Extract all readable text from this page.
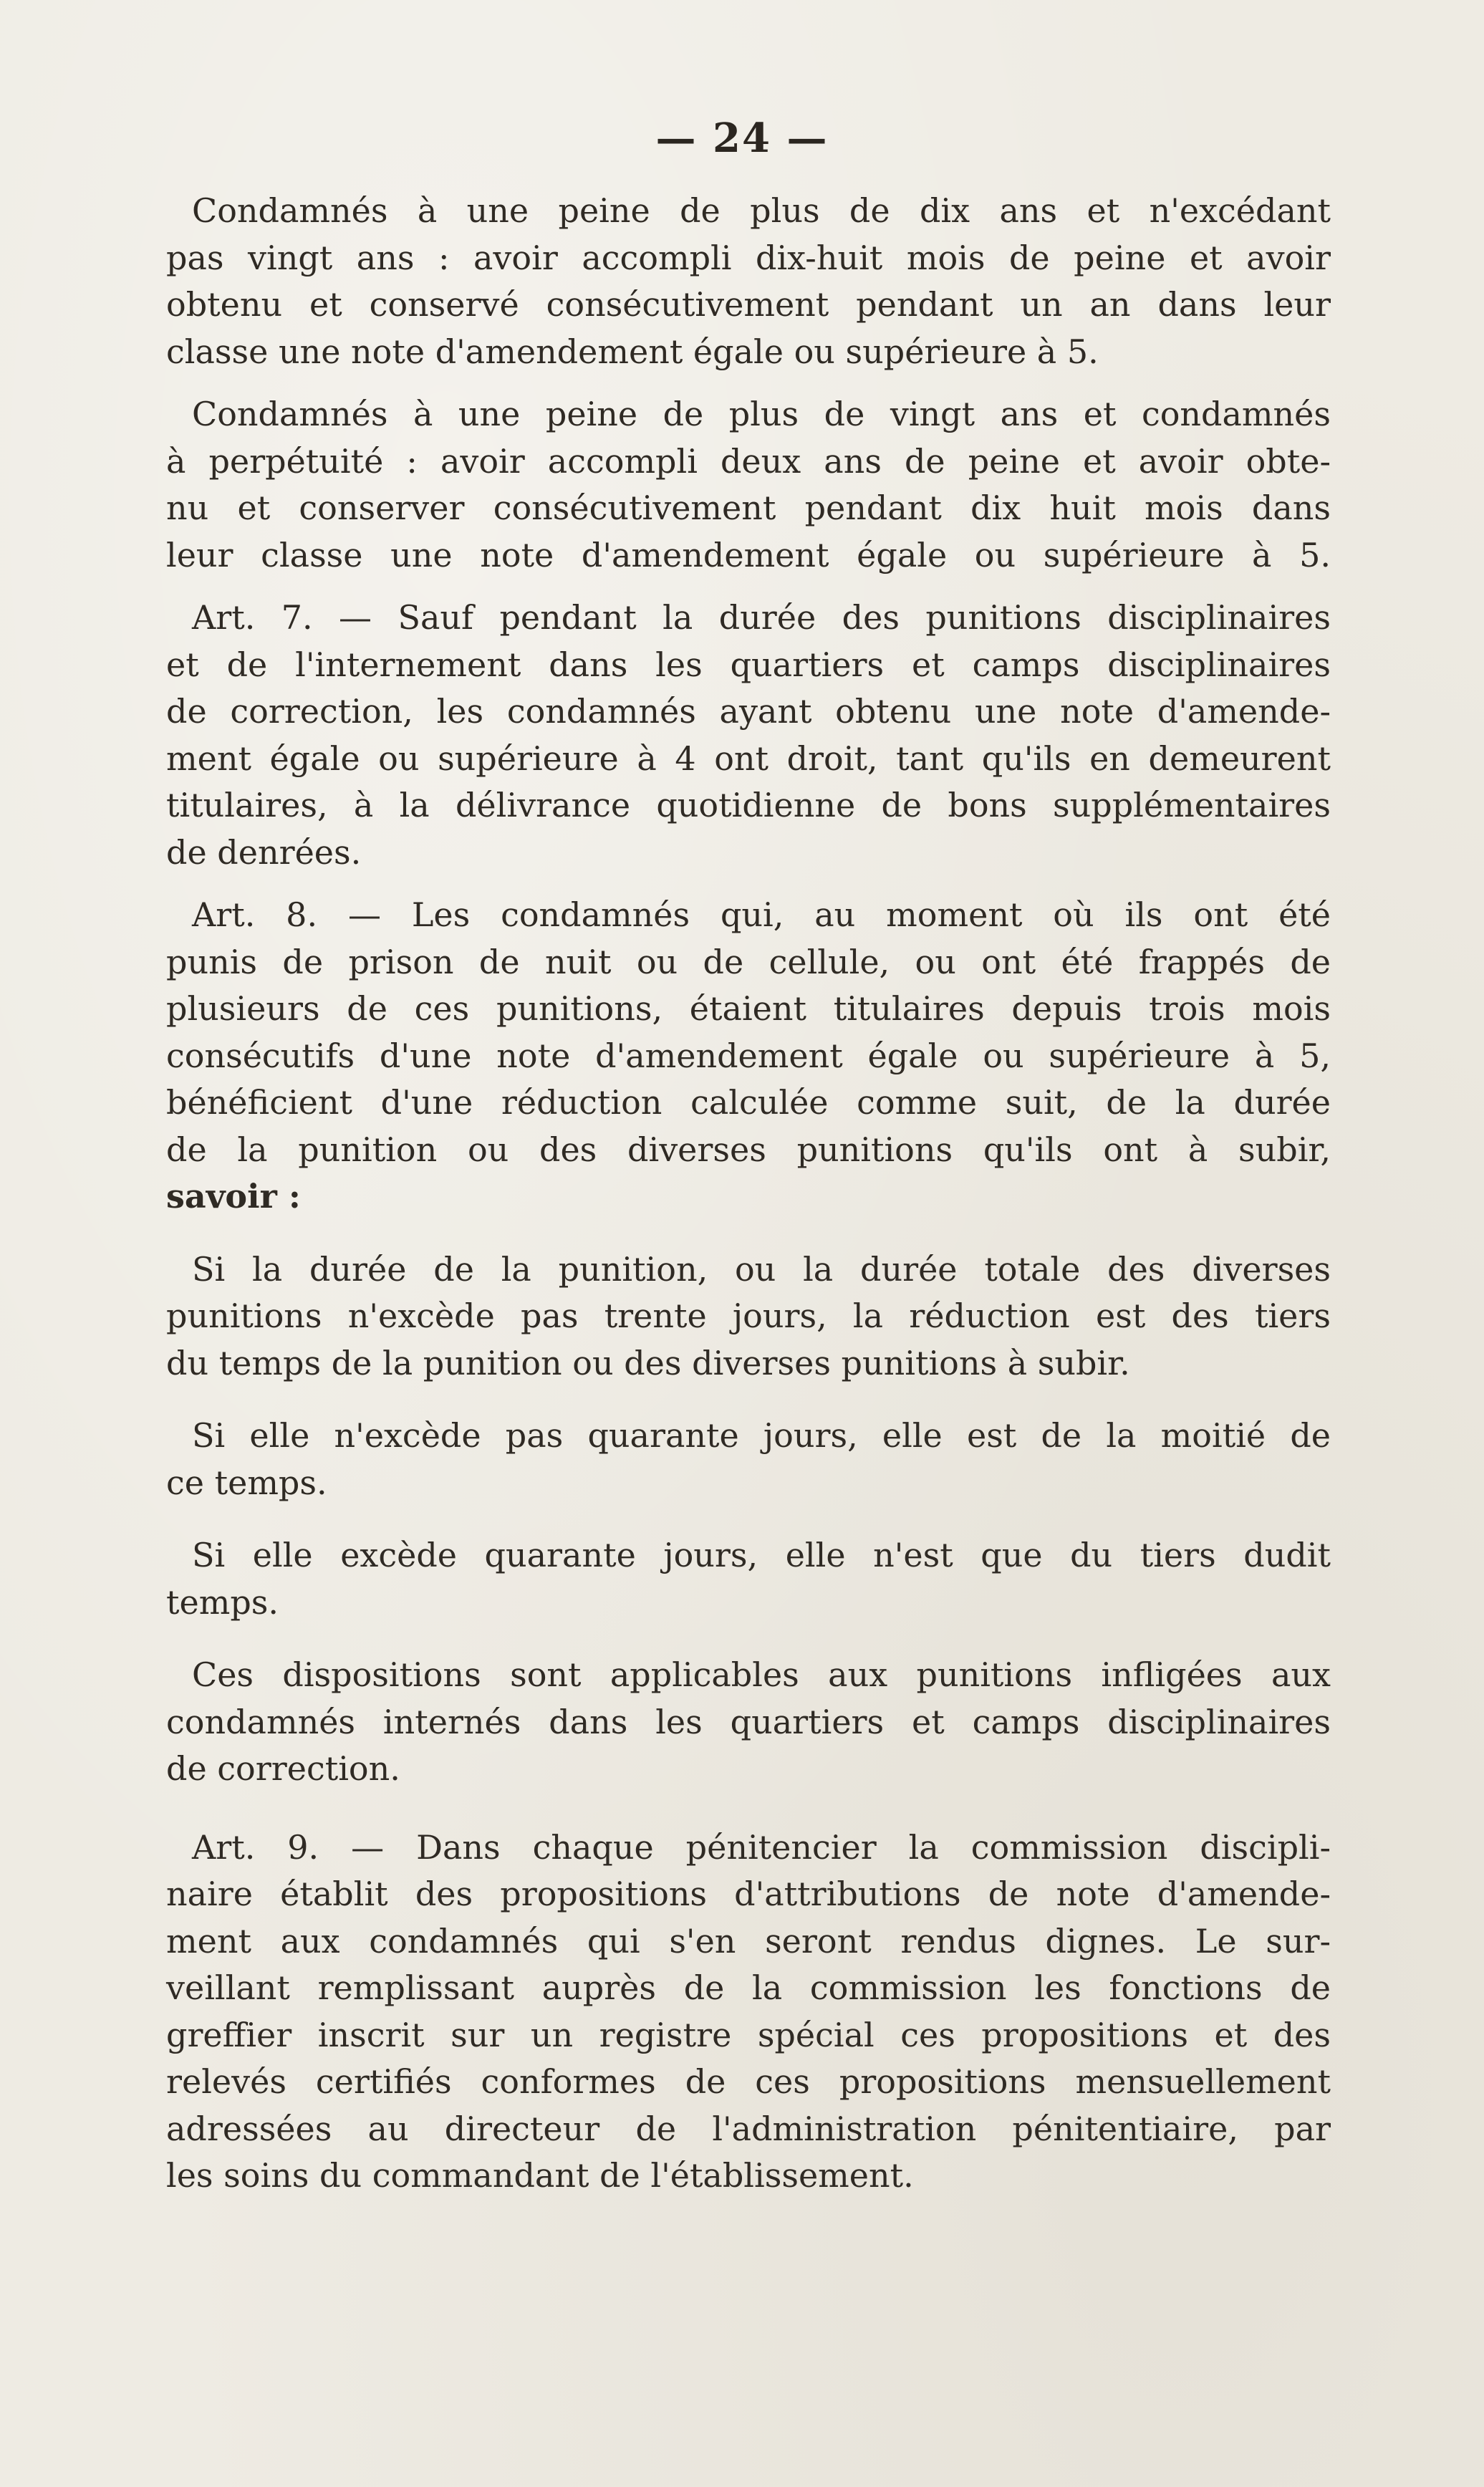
— 24 —

Condamnés à une peine de plus de dix ans et n'excédant
pas vingt ans : avoir accompli dix-huit mois de peine et avoir
obtenu et conservé consécutivement pendant un an dans leur
classe une note d'amendement égale ou supérieure à 5.

Condamnés à une peine de plus de vingt ans et condamnés
à perpétuité : avoir accompli deux ans de peine et avoir obte-
nu et conserver consécutivement pendant dix huit mois dans
leur classe une note d'amendement égale ou supérieure à 5.

Art. 7. — Sauf pendant la durée des punitions disciplinaires
et de l'internement dans les quartiers et camps disciplinaires
de correction, les condamnés ayant obtenu une note d'amende-
ment égale ou supérieure à 4 ont droit, tant qu'ils en demeurent
titulaires, à la délivrance quotidienne de bons supplémentaires
de denrées.

Art. 8. — Les condamnés qui, au moment où ils ont été
punis de prison de nuit ou de cellule, ou ont été frappés de
plusieurs de ces punitions, étaient titulaires depuis trois mois
consécutifs d'une note d'amendement égale ou supérieure à 5,
bénéficient d'une réduction calculée comme suit, de la durée
de la punition ou des diverses punitions qu'ils ont à subir,
savoir :

Si la durée de la punition, ou la durée totale des diverses
punitions n'excède pas trente jours, la réduction est des tiers
du temps de la punition ou des diverses punitions à subir.

Si elle n'excède pas quarante jours, elle est de la moitié de
ce temps.

Si elle excède quarante jours, elle n'est que du tiers dudit
temps.

Ces dispositions sont applicables aux punitions infligées aux
condamnés internés dans les quartiers et camps disciplinaires
de correction.

Art. 9. — Dans chaque pénitencier la commission discipli-
naire établit des propositions d'attributions de note d'amende-
ment aux condamnés qui s'en seront rendus dignes. Le sur-
veillant remplissant auprès de la commission les fonctions de
greffier inscrit sur un registre spécial ces propositions et des
relevés certifiés conformes de ces propositions mensuellement
adressées au directeur de l'administration pénitentiaire, par
les soins du commandant de l'établissement.
